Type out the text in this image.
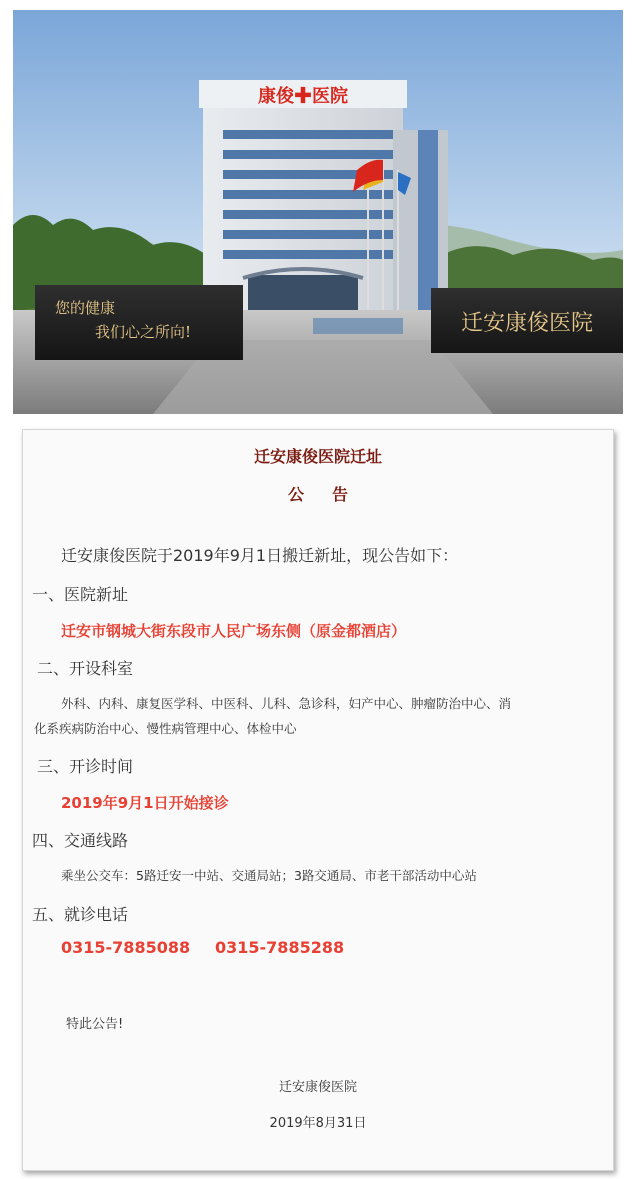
康俊✚医院
您的健康
我们心之所向!	迁安康俊医院
迁安康俊医院迁址
公告
迁安康俊医院于2019年9月1日搬迁新址，现公告如下：
一、医院新址
迁安市钢城大街东段市人民广场东侧（原金都酒店）
二、开设科室
外科、内科、康复医学科、中医科、儿科、急诊科，妇产中心、肿瘤防治中心、消
化系疾病防治中心、慢性病管理中心、体检中心
三、开诊时间
2019年9月1日开始接诊
四、交通线路
乘坐公交车：5路迁安一中站、交通局站；3路交通局、市老干部活动中心站
五、就诊电话
0315-7885088 0315-7885288
特此公告!
迁安康俊医院
2019年8月31日
